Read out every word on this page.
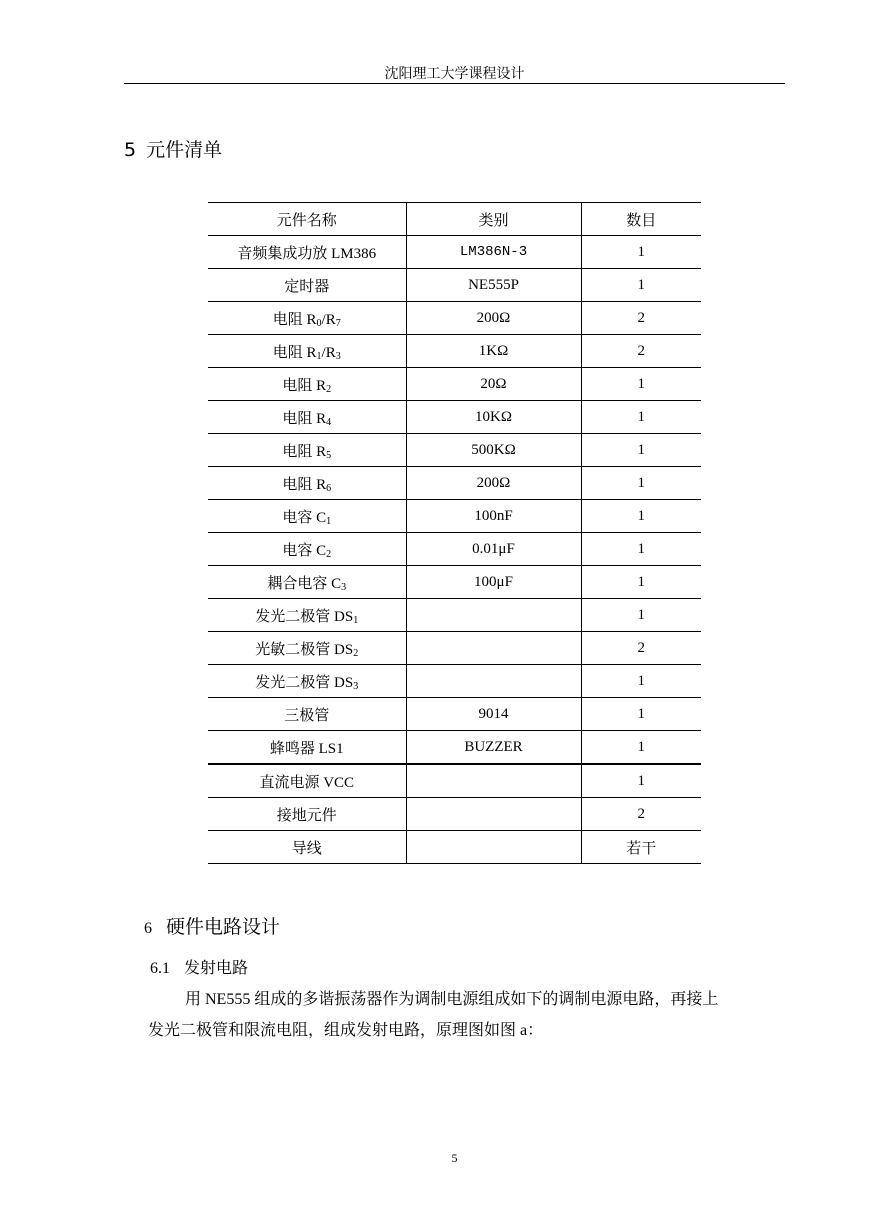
沈阳理工大学课程设计
5 元件清单
元件名称	类别	数目
音频集成功放 LM386	LM386N-3	1
定时器	NE555P	1
电阻 $R_0/R_7$	200Ω	2
电阻 $R_1/R_3$	1KΩ	2
电阻 $R_2$	20Ω	1
电阻 $R_4$	10KΩ	1
电阻 $R_5$	500KΩ	1
电阻 $R_6$	200Ω	1
电容 $C_1$	100nF	1
电容 $C_2$	0.01μF	1
耦合电容 $C_3$	100μF	1
发光二极管 $DS_1$		1
光敏二极管 $DS_2$		2
发光二极管 $DS_3$		1
三极管	9014	1
蜂鸣器 LS1	BUZZER	1
直流电源 VCC		1
接地元件		2
导线		若干
6 硬件电路设计
6.1 发射电路
用 NE555 组成的多谐振荡器作为调制电源组成如下的调制电源电路，再接上
发光二极管和限流电阻，组成发射电路，原理图如图 a：
5
